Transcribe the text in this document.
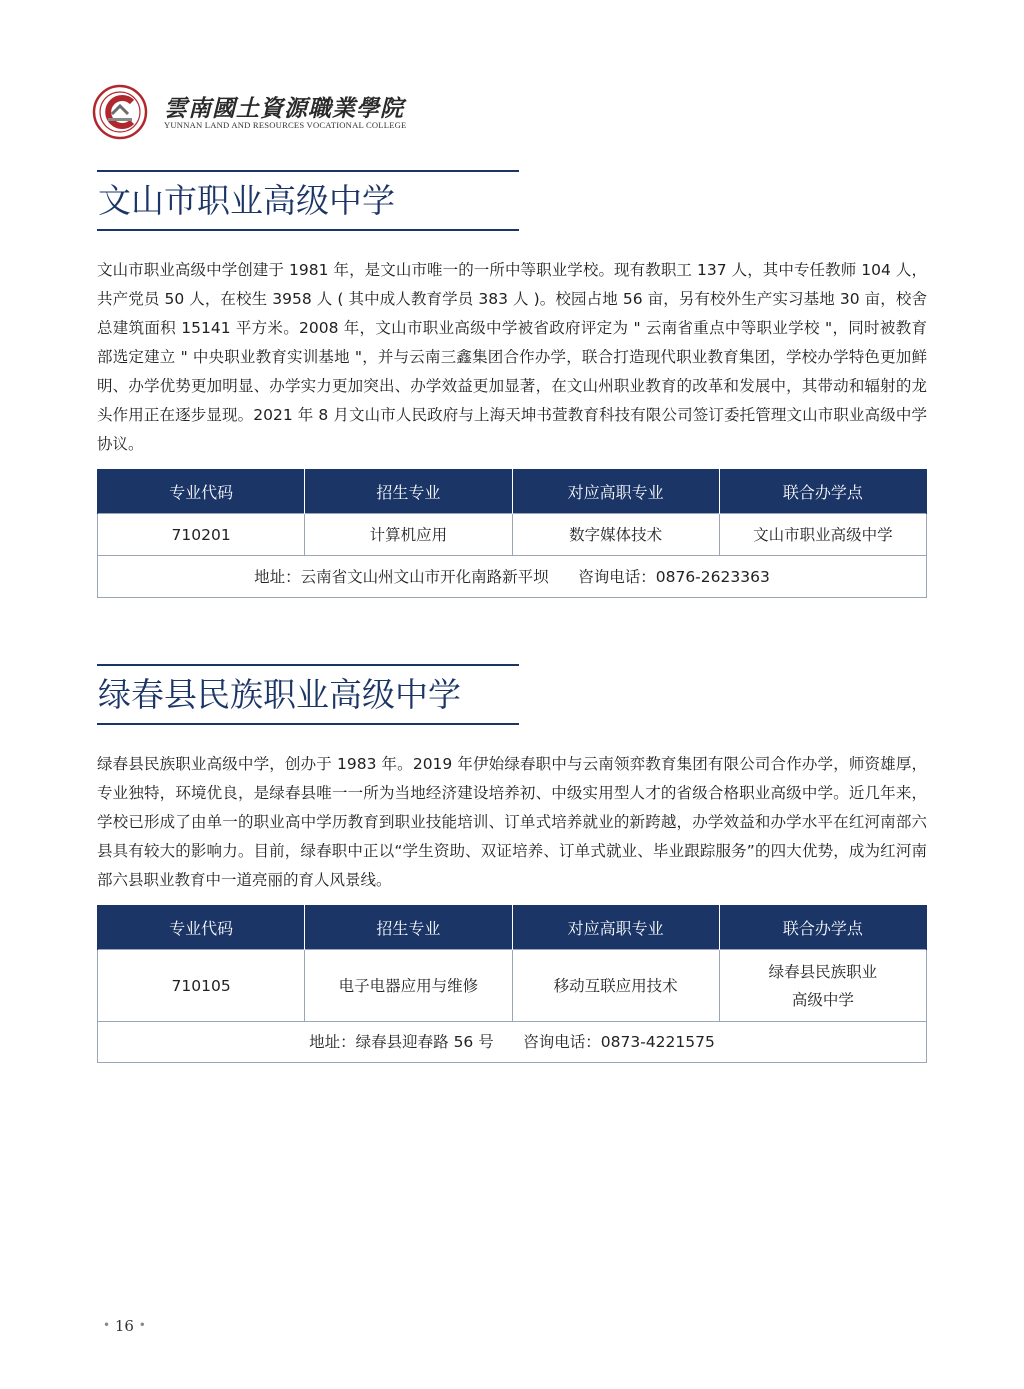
雲南國土資源職業學院
YUNNAN LAND AND RESOURCES VOCATIONAL COLLEGE
文山市职业高级中学
文山市职业高级中学创建于 1981 年，是文山市唯一的一所中等职业学校。现有教职工 137 人，其中专任教师 104 人，共产党员 50 人，在校生 3958 人 ( 其中成人教育学员 383 人 )。校园占地 56 亩，另有校外生产实习基地 30 亩，校舍总建筑面积 15141 平方米。2008 年，文山市职业高级中学被省政府评定为 " 云南省重点中等职业学校 "，同时被教育部选定建立 " 中央职业教育实训基地 "，并与云南三鑫集团合作办学，联合打造现代职业教育集团，学校办学特色更加鲜明、办学优势更加明显、办学实力更加突出、办学效益更加显著，在文山州职业教育的改革和发展中，其带动和辐射的龙头作用正在逐步显现。2021 年 8 月文山市人民政府与上海天坤书萱教育科技有限公司签订委托管理文山市职业高级中学协议。
专业代码	招生专业	对应高职专业	联合办学点
710201	计算机应用	数字媒体技术	文山市职业高级中学
地址：云南省文山州文山市开化南路新平坝      咨询电话：0876-2623363			
绿春县民族职业高级中学
绿春县民族职业高级中学，创办于 1983 年。2019 年伊始绿春职中与云南领弈教育集团有限公司合作办学，师资雄厚，专业独特，环境优良，是绿春县唯一一所为当地经济建设培养初、中级实用型人才的省级合格职业高级中学。近几年来，学校已形成了由单一的职业高中学历教育到职业技能培训、订单式培养就业的新跨越，办学效益和办学水平在红河南部六县具有较大的影响力。目前，绿春职中正以“学生资助、双证培养、订单式就业、毕业跟踪服务”的四大优势，成为红河南部六县职业教育中一道亮丽的育人风景线。
专业代码	招生专业	对应高职专业	联合办学点
710105	电子电器应用与维修	移动互联应用技术	绿春县民族职业
高级中学

地址：绿春县迎春路 56 号      咨询电话：0873-4221575			
• 16 •
